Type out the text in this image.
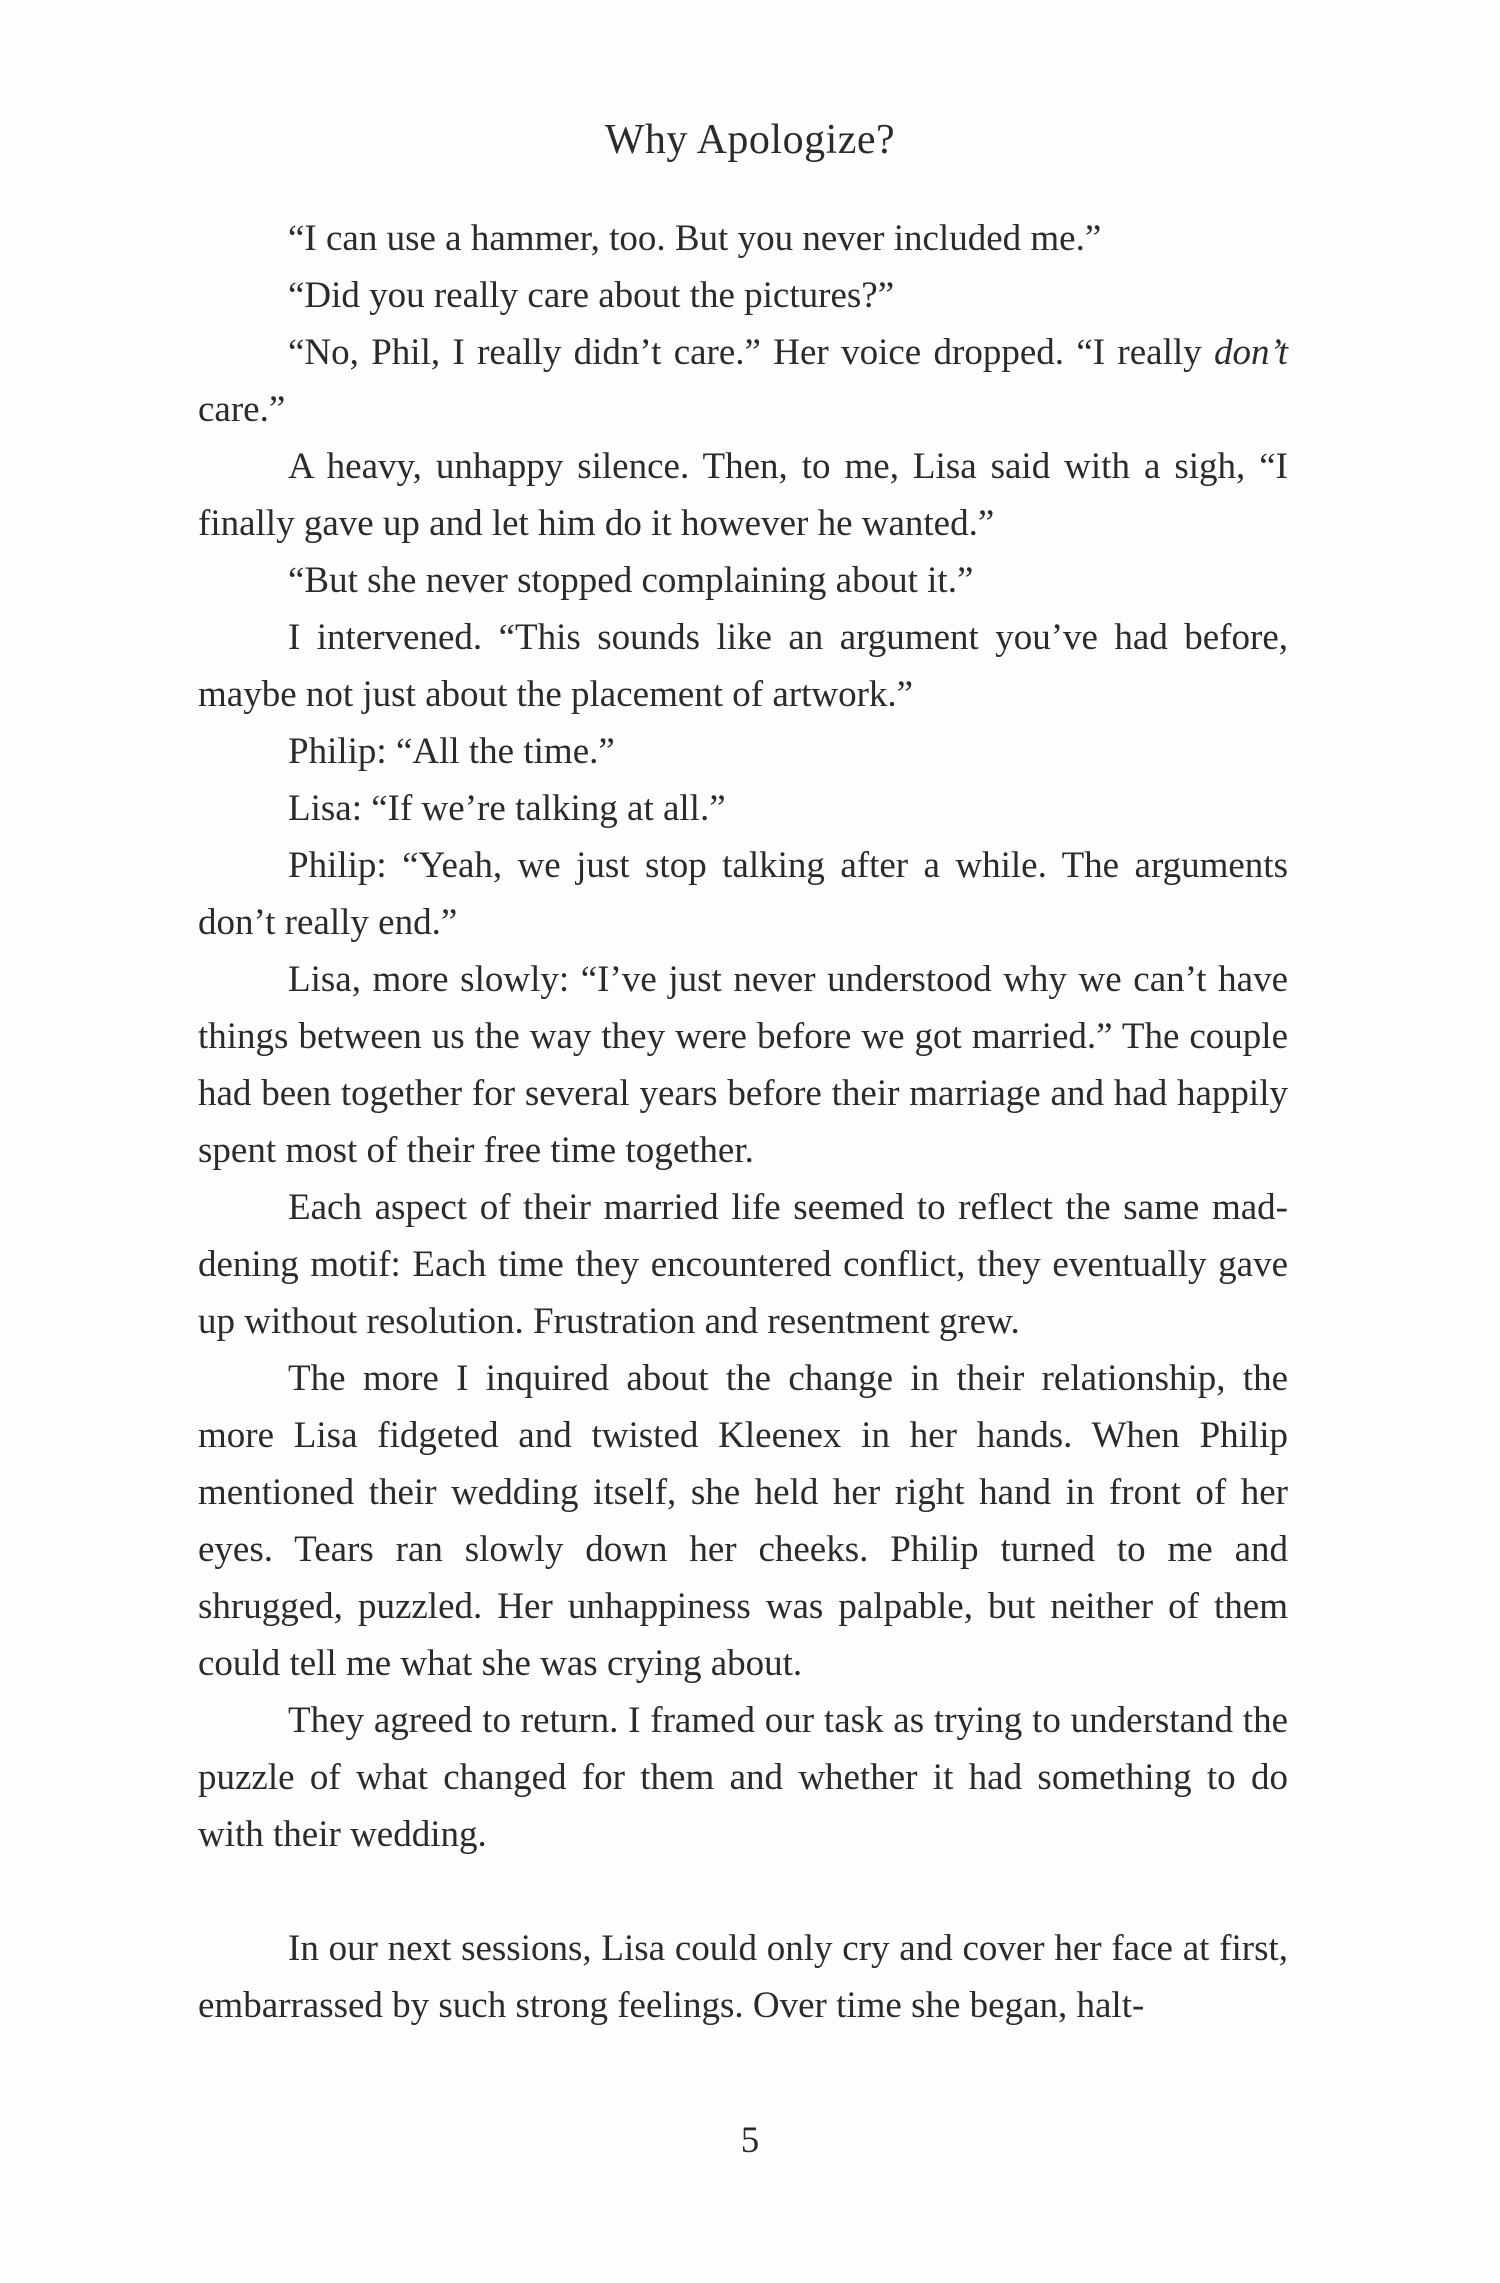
Why Apologize?

“I can use a hammer, too. But you never included me.”

“Did you really care about the pictures?”

“No, Phil, I really didn’t care.” Her voice dropped. “I really don’t care.”

A heavy, unhappy silence. Then, to me, Lisa said with a sigh, “I finally gave up and let him do it however he wanted.”

“But she never stopped complaining about it.”

I intervened. “This sounds like an argument you’ve had before, maybe not just about the placement of artwork.”

Philip: “All the time.”

Lisa: “If we’re talking at all.”

Philip: “Yeah, we just stop talking after a while. The arguments don’t really end.”

Lisa, more slowly: “I’ve just never understood why we can’t have things between us the way they were before we got married.” The couple had been together for several years before their marriage and had happily spent most of their free time together.

Each aspect of their married life seemed to reflect the same maddening motif: Each time they encountered conflict, they eventually gave up without resolution. Frustration and resentment grew.

The more I inquired about the change in their relationship, the more Lisa fidgeted and twisted Kleenex in her hands. When Philip mentioned their wedding itself, she held her right hand in front of her eyes. Tears ran slowly down her cheeks. Philip turned to me and shrugged, puzzled. Her unhappiness was palpable, but neither of them could tell me what she was crying about.

They agreed to return. I framed our task as trying to understand the puzzle of what changed for them and whether it had something to do with their wedding.

In our next sessions, Lisa could only cry and cover her face at first, embarrassed by such strong feelings. Over time she began, halt-

5
